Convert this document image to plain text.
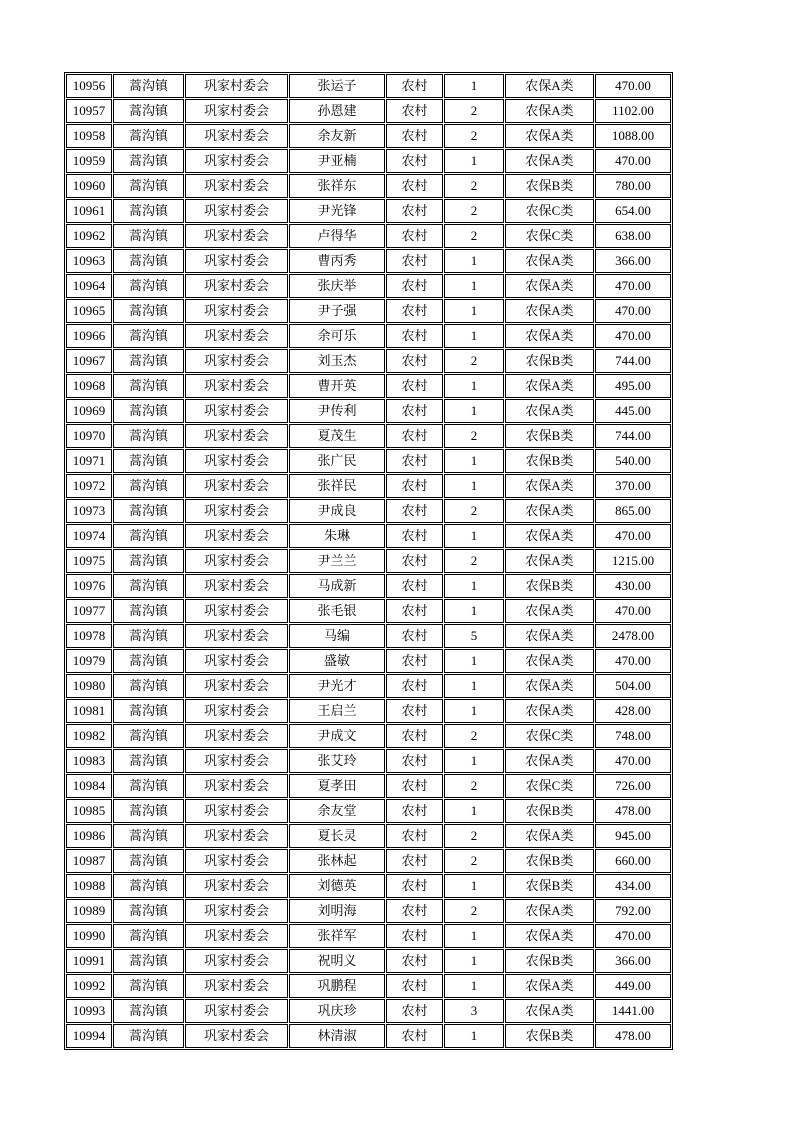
10956	蒿沟镇	巩家村委会	张运子	农村	1	农保A类	470.00
10957	蒿沟镇	巩家村委会	孙恩建	农村	2	农保A类	1102.00
10958	蒿沟镇	巩家村委会	余友新	农村	2	农保A类	1088.00
10959	蒿沟镇	巩家村委会	尹亚楠	农村	1	农保A类	470.00
10960	蒿沟镇	巩家村委会	张祥东	农村	2	农保B类	780.00
10961	蒿沟镇	巩家村委会	尹光锋	农村	2	农保C类	654.00
10962	蒿沟镇	巩家村委会	卢得华	农村	2	农保C类	638.00
10963	蒿沟镇	巩家村委会	曹丙秀	农村	1	农保A类	366.00
10964	蒿沟镇	巩家村委会	张庆举	农村	1	农保A类	470.00
10965	蒿沟镇	巩家村委会	尹子强	农村	1	农保A类	470.00
10966	蒿沟镇	巩家村委会	余可乐	农村	1	农保A类	470.00
10967	蒿沟镇	巩家村委会	刘玉杰	农村	2	农保B类	744.00
10968	蒿沟镇	巩家村委会	曹开英	农村	1	农保A类	495.00
10969	蒿沟镇	巩家村委会	尹传利	农村	1	农保A类	445.00
10970	蒿沟镇	巩家村委会	夏茂生	农村	2	农保B类	744.00
10971	蒿沟镇	巩家村委会	张广民	农村	1	农保B类	540.00
10972	蒿沟镇	巩家村委会	张祥民	农村	1	农保A类	370.00
10973	蒿沟镇	巩家村委会	尹成良	农村	2	农保A类	865.00
10974	蒿沟镇	巩家村委会	朱琳	农村	1	农保A类	470.00
10975	蒿沟镇	巩家村委会	尹兰兰	农村	2	农保A类	1215.00
10976	蒿沟镇	巩家村委会	马成新	农村	1	农保B类	430.00
10977	蒿沟镇	巩家村委会	张毛银	农村	1	农保A类	470.00
10978	蒿沟镇	巩家村委会	马编	农村	5	农保A类	2478.00
10979	蒿沟镇	巩家村委会	盛敏	农村	1	农保A类	470.00
10980	蒿沟镇	巩家村委会	尹光才	农村	1	农保A类	504.00
10981	蒿沟镇	巩家村委会	王启兰	农村	1	农保A类	428.00
10982	蒿沟镇	巩家村委会	尹成文	农村	2	农保C类	748.00
10983	蒿沟镇	巩家村委会	张艾玲	农村	1	农保A类	470.00
10984	蒿沟镇	巩家村委会	夏孝田	农村	2	农保C类	726.00
10985	蒿沟镇	巩家村委会	余友堂	农村	1	农保B类	478.00
10986	蒿沟镇	巩家村委会	夏长灵	农村	2	农保A类	945.00
10987	蒿沟镇	巩家村委会	张林起	农村	2	农保B类	660.00
10988	蒿沟镇	巩家村委会	刘德英	农村	1	农保B类	434.00
10989	蒿沟镇	巩家村委会	刘明海	农村	2	农保A类	792.00
10990	蒿沟镇	巩家村委会	张祥军	农村	1	农保A类	470.00
10991	蒿沟镇	巩家村委会	祝明义	农村	1	农保B类	366.00
10992	蒿沟镇	巩家村委会	巩鹏程	农村	1	农保A类	449.00
10993	蒿沟镇	巩家村委会	巩庆珍	农村	3	农保A类	1441.00
10994	蒿沟镇	巩家村委会	林清淑	农村	1	农保B类	478.00
